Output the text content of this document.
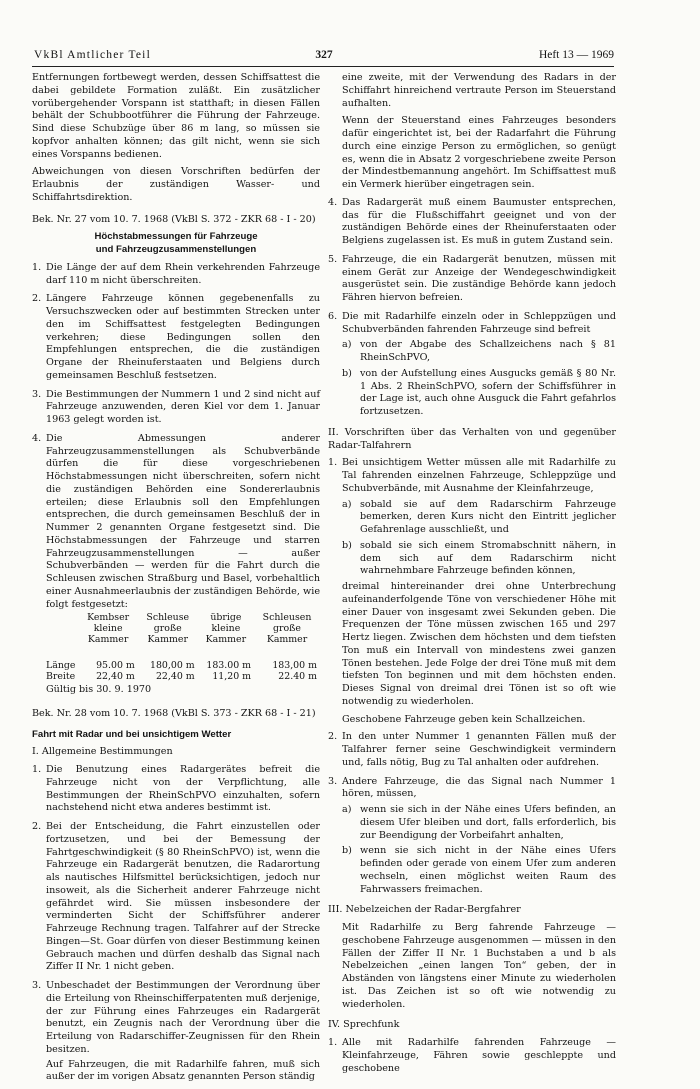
VkBl Amtlicher Teil	327	Heft 13 — 1969

Entfernungen fortbewegt werden, dessen Schiffsattest die dabei gebildete Formation zuläßt. Ein zusätzlicher vorübergehender Vorspann ist statthaft; in diesen Fällen behält der Schubbootführer die Führung der Fahrzeuge. Sind diese Schubzüge über 86 m lang, so müssen sie kopfvor anhalten können; das gilt nicht, wenn sie sich eines Vorspanns bedienen.

Abweichungen von diesen Vorschriften bedürfen der Erlaubnis der zuständigen Wasser- und Schiffahrtsdirektion.

Bek. Nr. 27 vom 10. 7. 1968 (VkBl S. 372 - ZKR 68 - I - 20)

Höchstabmessungen für Fahrzeuge
und Fahrzeugzusammenstellungen
1. Die Länge der auf dem Rhein verkehrenden Fahrzeuge darf 110 m nicht überschreiten.
2. Längere Fahrzeuge können gegebenenfalls zu Versuchszwecken oder auf bestimmten Strecken unter den im Schiffsattest festgelegten Bedingungen verkehren; diese Bedingungen sollen den Empfehlungen entsprechen, die die zuständigen Organe der Rheinuferstaaten und Belgiens durch gemeinsamen Beschluß festsetzen.
3. Die Bestimmungen der Nummern 1 und 2 sind nicht auf Fahrzeuge anzuwenden, deren Kiel vor dem 1. Januar 1963 gelegt worden ist.
4. Die Abmessungen anderer Fahrzeugzusammenstellungen als Schubverbände dürfen die für diese vorgeschriebenen Höchstabmessungen nicht überschreiten, sofern nicht die zuständigen Behörden eine Sondererlaubnis erteilen; diese Erlaubnis soll den Empfehlungen entsprechen, die durch gemeinsamen Beschluß der in Nummer 2 genannten Organe festgesetzt sind. Die Höchstabmessungen der Fahrzeuge und starren Fahrzeugzusammenstellungen — außer Schubverbänden — werden für die Fahrt durch die Schleusen zwischen Straßburg und Basel, vorbehaltlich einer Ausnahmeerlaubnis der zuständigen Behörde, wie folgt festgesetzt:
	Kembser kleine Kammer	Schleuse große Kammer	übrige kleine Kammer	Schleusen große Kammer

Länge	95.00 m	180,00 m	183.00 m	183,00 m
Breite	22,40 m	22,40 m	11,20 m	22.40 m

Gültig bis 30. 9. 1970

Bek. Nr. 28 vom 10. 7. 1968 (VkBl S. 373 - ZKR 68 - I - 21)

Fahrt mit Radar und bei unsichtigem Wetter

I. Allgemeine Bestimmungen

1. Die Benutzung eines Radargerätes befreit die Fahrzeuge nicht von der Verpflichtung, alle Bestimmungen der RheinSchPVO einzuhalten, sofern nachstehend nicht etwa anderes bestimmt ist.
2. Bei der Entscheidung, die Fahrt einzustellen oder fortzusetzen, und bei der Bemessung der Fahrtgeschwindigkeit (§ 80 RheinSchPVO) ist, wenn die Fahrzeuge ein Radargerät benutzen, die Radarortung als nautisches Hilfsmittel berücksichtigen, jedoch nur insoweit, als die Sicherheit anderer Fahrzeuge nicht gefährdet wird. Sie müssen insbesondere der verminderten Sicht der Schiffsführer anderer Fahrzeuge Rechnung tragen. Talfahrer auf der Strecke Bingen—St. Goar dürfen von dieser Bestimmung keinen Gebrauch machen und dürfen deshalb das Signal nach Ziffer II Nr. 1 nicht geben.
3. Unbeschadet der Bestimmungen der Verordnung über die Erteilung von Rheinschifferpatenten muß derjenige, der zur Führung eines Fahrzeuges ein Radargerät benutzt, ein Zeugnis nach der Verordnung über die Erteilung von Radarschiffer-Zeugnissen für den Rhein besitzen.

Auf Fahrzeugen, die mit Radarhilfe fahren, muß sich außer der im vorigen Absatz genannten Person ständig

eine zweite, mit der Verwendung des Radars in der Schiffahrt hinreichend vertraute Person im Steuerstand aufhalten.

Wenn der Steuerstand eines Fahrzeuges besonders dafür eingerichtet ist, bei der Radarfahrt die Führung durch eine einzige Person zu ermöglichen, so genügt es, wenn die in Absatz 2 vorgeschriebene zweite Person der Mindestbemannung angehört. Im Schiffsattest muß ein Vermerk hierüber eingetragen sein.

4. Das Radargerät muß einem Baumuster entsprechen, das für die Flußschiffahrt geeignet und von der zuständigen Behörde eines der Rheinuferstaaten oder Belgiens zugelassen ist. Es muß in gutem Zustand sein.
5. Fahrzeuge, die ein Radargerät benutzen, müssen mit einem Gerät zur Anzeige der Wendegeschwindigkeit ausgerüstet sein. Die zuständige Behörde kann jedoch Fähren hiervon befreien.
6. Die mit Radarhilfe einzeln oder in Schleppzügen und Schubverbänden fahrenden Fahrzeuge sind befreit
a) von der Abgabe des Schallzeichens nach § 81 RheinSchPVO,
b) von der Aufstellung eines Ausgucks gemäß § 80 Nr. 1 Abs. 2 RheinSchPVO, sofern der Schiffsführer in der Lage ist, auch ohne Ausguck die Fahrt gefahrlos fortzusetzen.

II. Vorschriften über das Verhalten von und gegenüber Radar-Talfahrern

1. Bei unsichtigem Wetter müssen alle mit Radarhilfe zu Tal fahrenden einzelnen Fahrzeuge, Schleppzüge und Schubverbände, mit Ausnahme der Kleinfahrzeuge,
a) sobald sie auf dem Radarschirm Fahrzeuge bemerken, deren Kurs nicht den Eintritt jeglicher Gefahrenlage ausschließt, und
b) sobald sie sich einem Stromabschnitt nähern, in dem sich auf dem Radarschirm nicht wahrnehmbare Fahrzeuge befinden können,

dreimal hintereinander drei ohne Unterbrechung aufeinanderfolgende Töne von verschiedener Höhe mit einer Dauer von insgesamt zwei Sekunden geben. Die Frequenzen der Töne müssen zwischen 165 und 297 Hertz liegen. Zwischen dem höchsten und dem tiefsten Ton muß ein Intervall von mindestens zwei ganzen Tönen bestehen. Jede Folge der drei Töne muß mit dem tiefsten Ton beginnen und mit dem höchsten enden. Dieses Signal von dreimal drei Tönen ist so oft wie notwendig zu wiederholen.

Geschobene Fahrzeuge geben kein Schallzeichen.

2. In den unter Nummer 1 genannten Fällen muß der Talfahrer ferner seine Geschwindigkeit vermindern und, falls nötig, Bug zu Tal anhalten oder aufdrehen.
3. Andere Fahrzeuge, die das Signal nach Nummer 1 hören, müssen,
a) wenn sie sich in der Nähe eines Ufers befinden, an diesem Ufer bleiben und dort, falls erforderlich, bis zur Beendigung der Vorbeifahrt anhalten,
b) wenn sie sich nicht in der Nähe eines Ufers befinden oder gerade von einem Ufer zum anderen wechseln, einen möglichst weiten Raum des Fahrwassers freimachen.

III. Nebelzeichen der Radar-Bergfahrer

Mit Radarhilfe zu Berg fahrende Fahrzeuge — geschobene Fahrzeuge ausgenommen — müssen in den Fällen der Ziffer II Nr. 1 Buchstaben a und b als Nebelzeichen „einen langen Ton“ geben, der in Abständen von längstens einer Minute zu wiederholen ist. Das Zeichen ist so oft wie notwendig zu wiederholen.

IV. Sprechfunk

1. Alle mit Radarhilfe fahrenden Fahrzeuge — Kleinfahrzeuge, Fähren sowie geschleppte und geschobene
